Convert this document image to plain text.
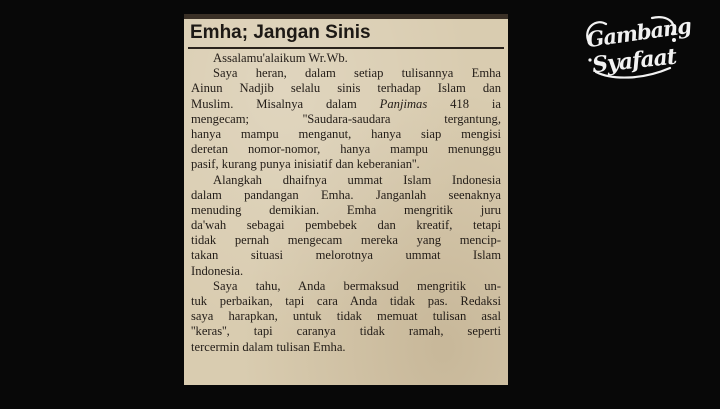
Emha; Jangan Sinis
Assalamu'alaikum Wr.Wb.
Saya heran, dalam setiap tulisannya Emha
Ainun Nadjib selalu sinis terhadap Islam dan
Muslim. Misalnya dalam Panjimas 418 ia
mengecam; ''Saudara-saudara tergantung,
hanya mampu menganut, hanya siap mengisi
deretan nomor-nomor, hanya mampu menunggu
pasif, kurang punya inisiatif dan keberanian''.
Alangkah dhaifnya ummat Islam Indonesia
dalam pandangan Emha. Janganlah seenaknya
menuding demikian. Emha mengritik juru
da'wah sebagai pembebek dan kreatif, tetapi
tidak pernah mengecam mereka yang mencip-
takan situasi melorotnya ummat Islam
Indonesia.
Saya tahu, Anda bermaksud mengritik un-
tuk perbaikan, tapi cara Anda tidak pas. Redaksi
saya harapkan, untuk tidak memuat tulisan asal
''keras'', tapi caranya tidak ramah, seperti
tercermin dalam tulisan Emha.
Gambang
Syafaat
